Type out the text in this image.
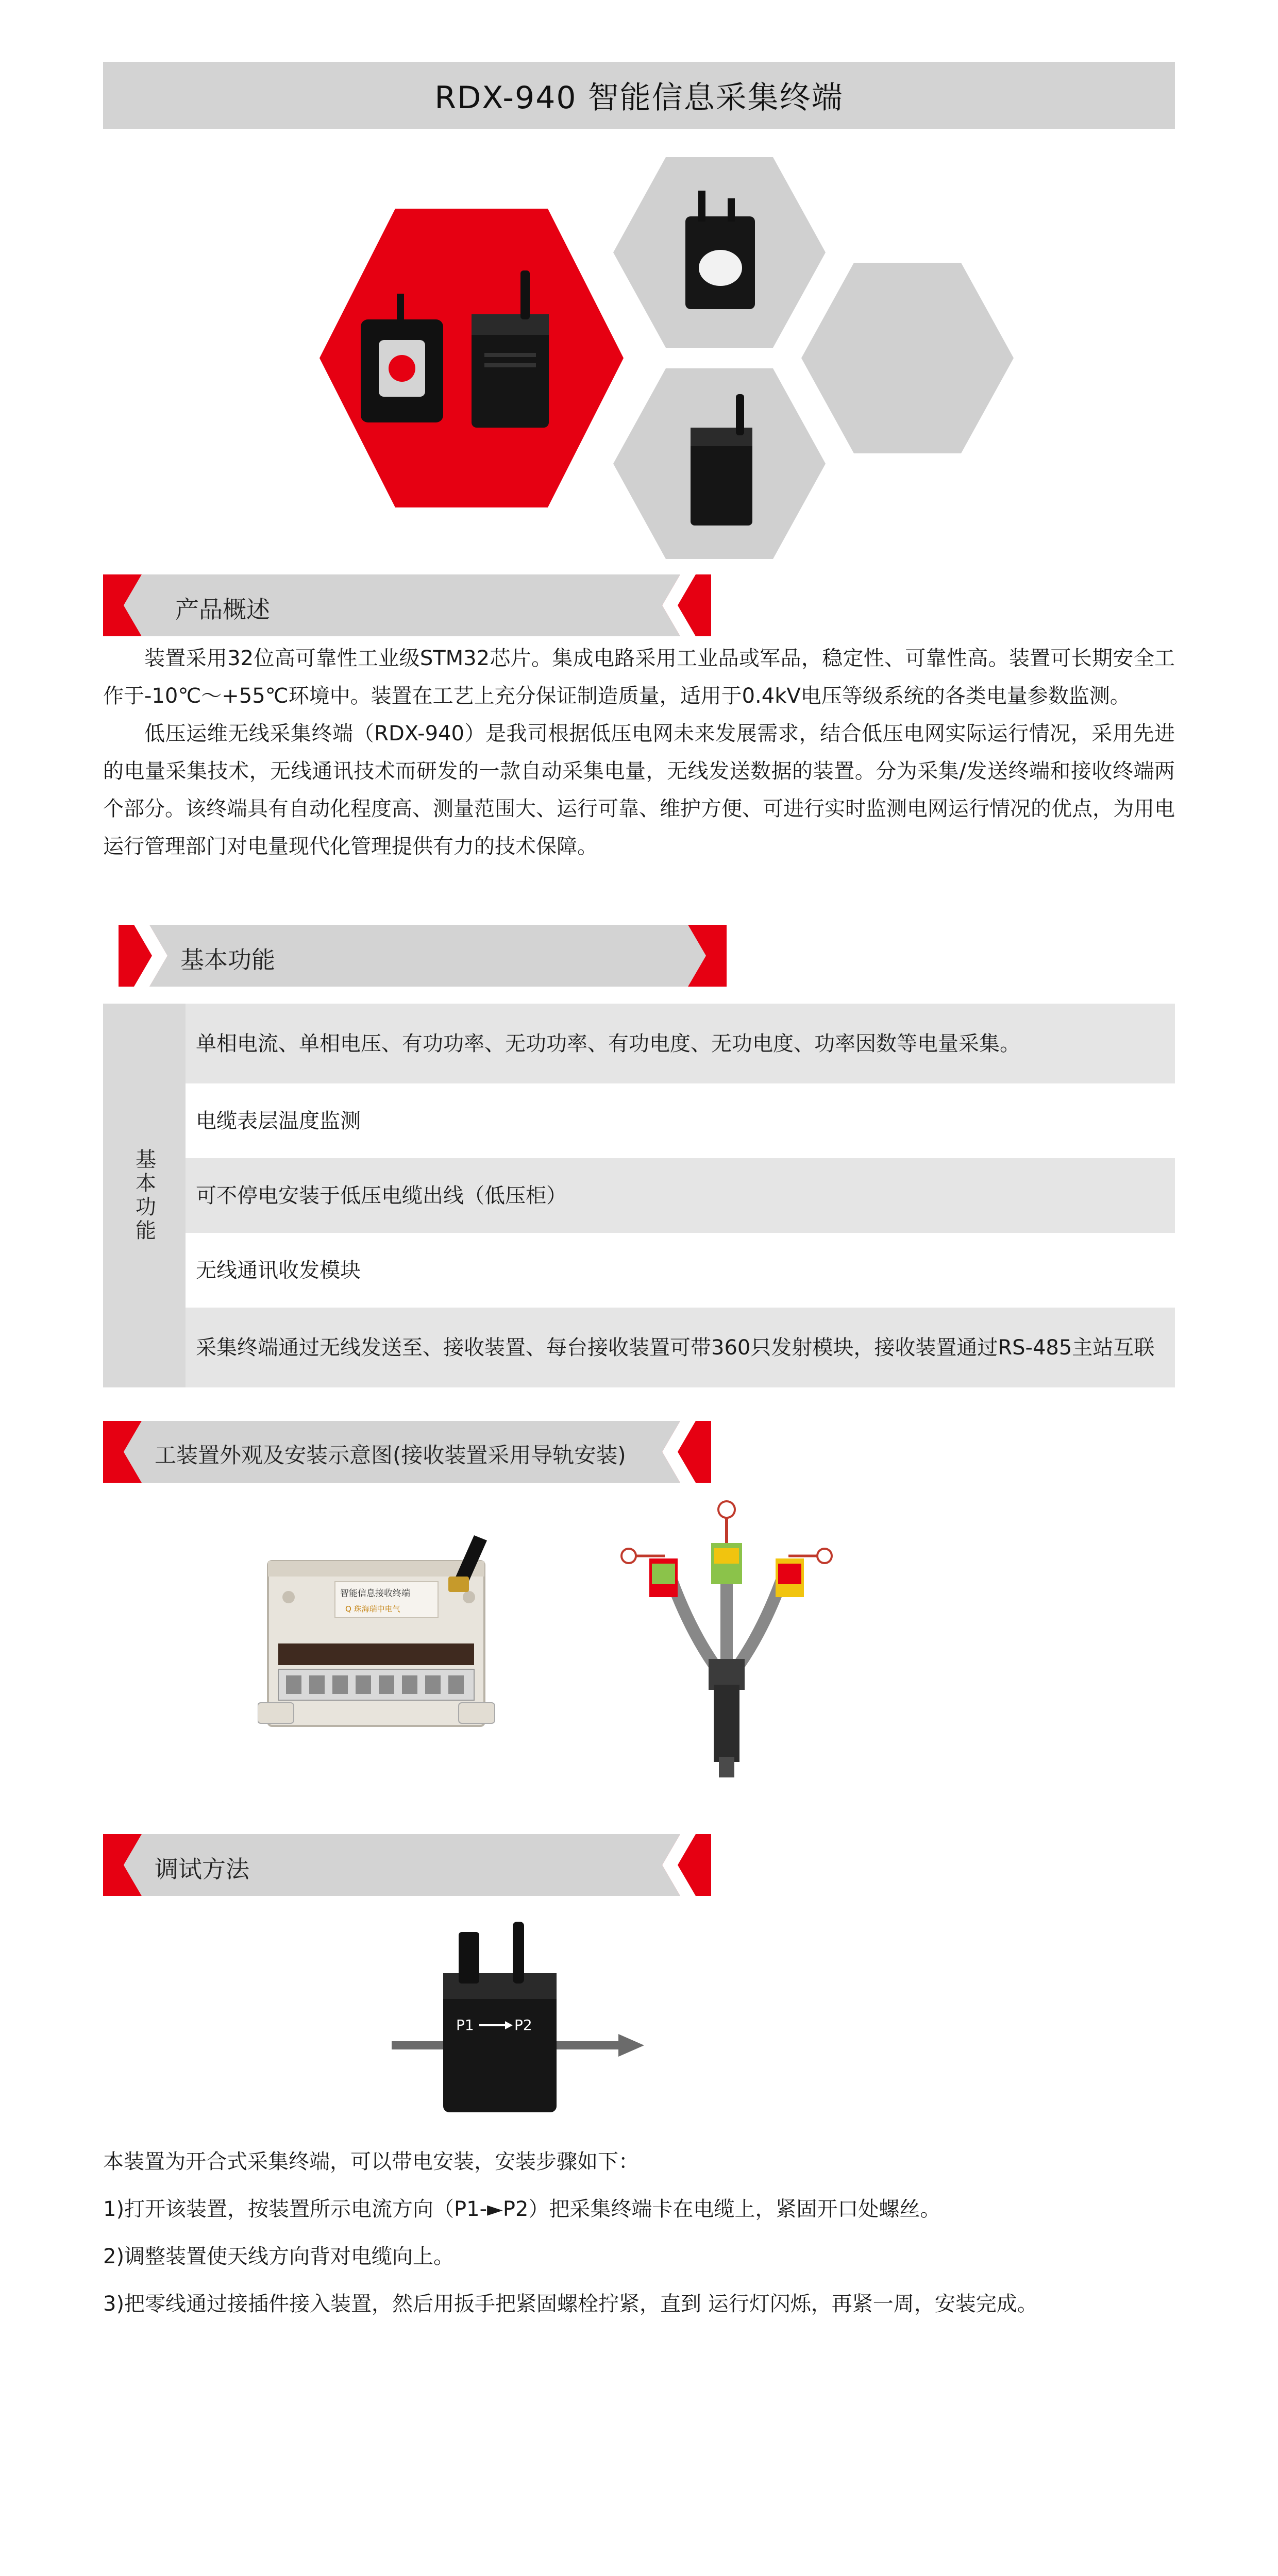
RDX-940 智能信息采集终端
产品概述

装置采用32位高可靠性工业级STM32芯片。集成电路采用工业品或军品，稳定性、可靠性高。装置可长期安全工作于-10℃～+55℃环境中。装置在工艺上充分保证制造质量，适用于0.4kV电压等级系统的各类电量参数监测。

低压运维无线采集终端（RDX-940）是我司根据低压电网未来发展需求，结合低压电网实际运行情况，采用先进的电量采集技术，无线通讯技术而研发的一款自动采集电量，无线发送数据的装置。分为采集/发送终端和接收终端两个部分。该终端具有自动化程度高、测量范围大、运行可靠、维护方便、可进行实时监测电网运行情况的优点，为用电运行管理部门对电量现代化管理提供有力的技术保障。

基本功能
基本功能
单相电流、单相电压、有功功率、无功功率、有功电度、无功电度、功率因数等电量采集。
电缆表层温度监测
可不停电安装于低压电缆出线（低压柜）
无线通讯收发模块
采集终端通过无线发送至、接收装置、每台接收装置可带360只发射模块，接收装置通过RS-485主站互联
工装置外观及安装示意图(接收装置采用导轨安装)
智能信息接收终端
Q 珠海瑞中电气
调试方法
P1	P2
本装置为开合式采集终端，可以带电安装，安装步骤如下：
1)打开该装置，按装置所示电流方向（P1-►P2）把采集终端卡在电缆上，紧固开口处螺丝。
2)调整装置使天线方向背对电缆向上。
3)把零线通过接插件接入装置，然后用扳手把紧固螺栓拧紧，直到 运行灯闪烁，再紧一周，安装完成。
